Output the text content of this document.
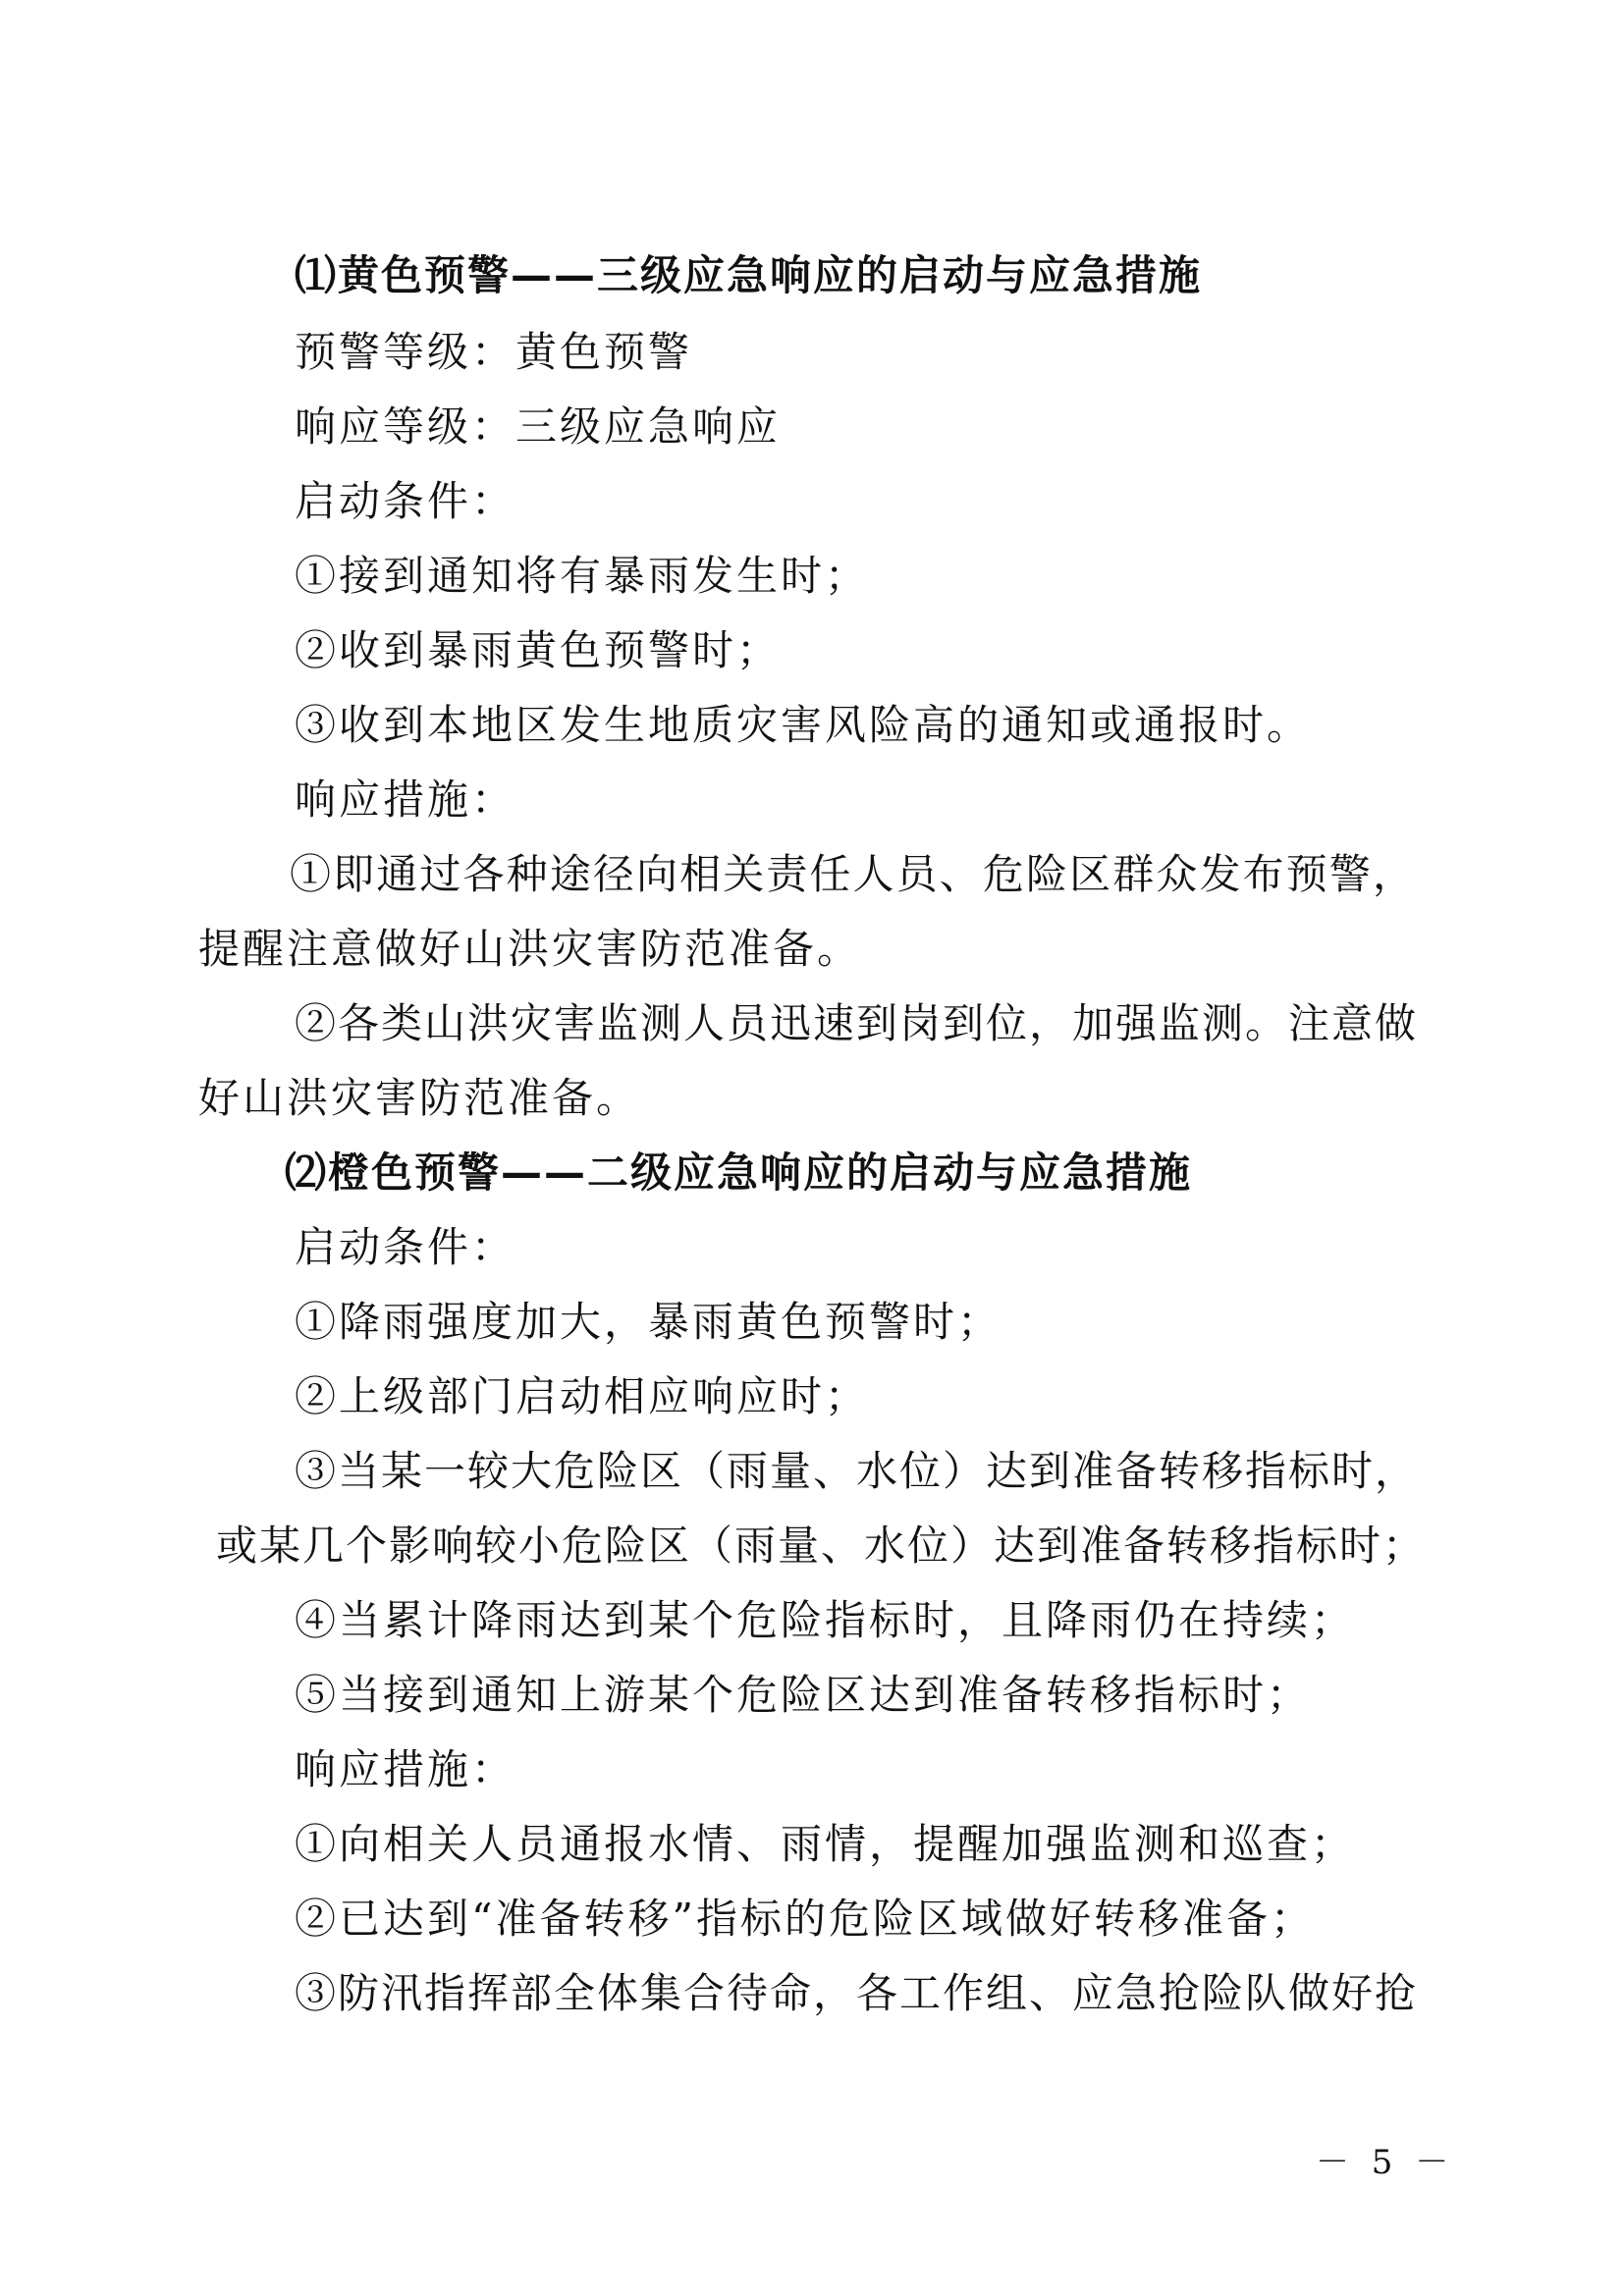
⑴黄色预警——三级应急响应的启动与应急措施

预警等级：黄色预警

响应等级：三级应急响应

启动条件：

①接到通知将有暴雨发生时；

②收到暴雨黄色预警时；

③收到本地区发生地质灾害风险高的通知或通报时。

响应措施：

①即通过各种途径向相关责任人员、危险区群众发布预警，

提醒注意做好山洪灾害防范准备。

②各类山洪灾害监测人员迅速到岗到位，加强监测。注意做

好山洪灾害防范准备。

⑵橙色预警——二级应急响应的启动与应急措施

启动条件：

①降雨强度加大，暴雨黄色预警时；

②上级部门启动相应响应时；

③当某一较大危险区（雨量、水位）达到准备转移指标时，

或某几个影响较小危险区（雨量、水位）达到准备转移指标时；

④当累计降雨达到某个危险指标时，且降雨仍在持续；

⑤当接到通知上游某个危险区达到准备转移指标时；

响应措施：

①向相关人员通报水情、雨情，提醒加强监测和巡查；

②已达到“准备转移”指标的危险区域做好转移准备；

③防汛指挥部全体集合待命，各工作组、应急抢险队做好抢

－ 5 －
